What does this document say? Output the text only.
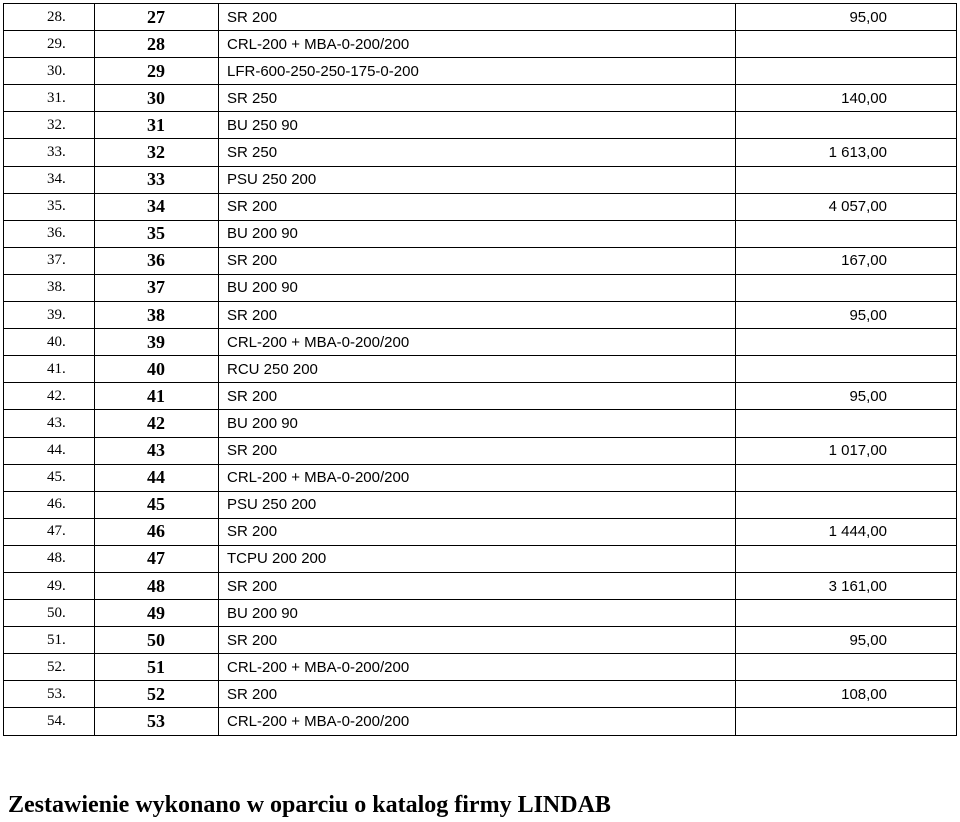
28.	27	SR 200	95,00

29.	28	CRL-200 + MBA-0-200/200	

30.	29	LFR-600-250-250-175-0-200	

31.	30	SR 250	140,00

32.	31	BU 250 90	

33.	32	SR 250	1 613,00

34.	33	PSU 250 200	

35.	34	SR 200	4 057,00

36.	35	BU 200 90	

37.	36	SR 200	167,00

38.	37	BU 200 90	

39.	38	SR 200	95,00

40.	39	CRL-200 + MBA-0-200/200	

41.	40	RCU 250 200	

42.	41	SR 200	95,00

43.	42	BU 200 90	

44.	43	SR 200	1 017,00

45.	44	CRL-200 + MBA-0-200/200	

46.	45	PSU 250 200	

47.	46	SR 200	1 444,00

48.	47	TCPU 200 200	

49.	48	SR 200	3 161,00

50.	49	BU 200 90	

51.	50	SR 200	95,00

52.	51	CRL-200 + MBA-0-200/200	

53.	52	SR 200	108,00

54.	53	CRL-200 + MBA-0-200/200	
Zestawienie wykonano w oparciu o katalog firmy LINDAB
